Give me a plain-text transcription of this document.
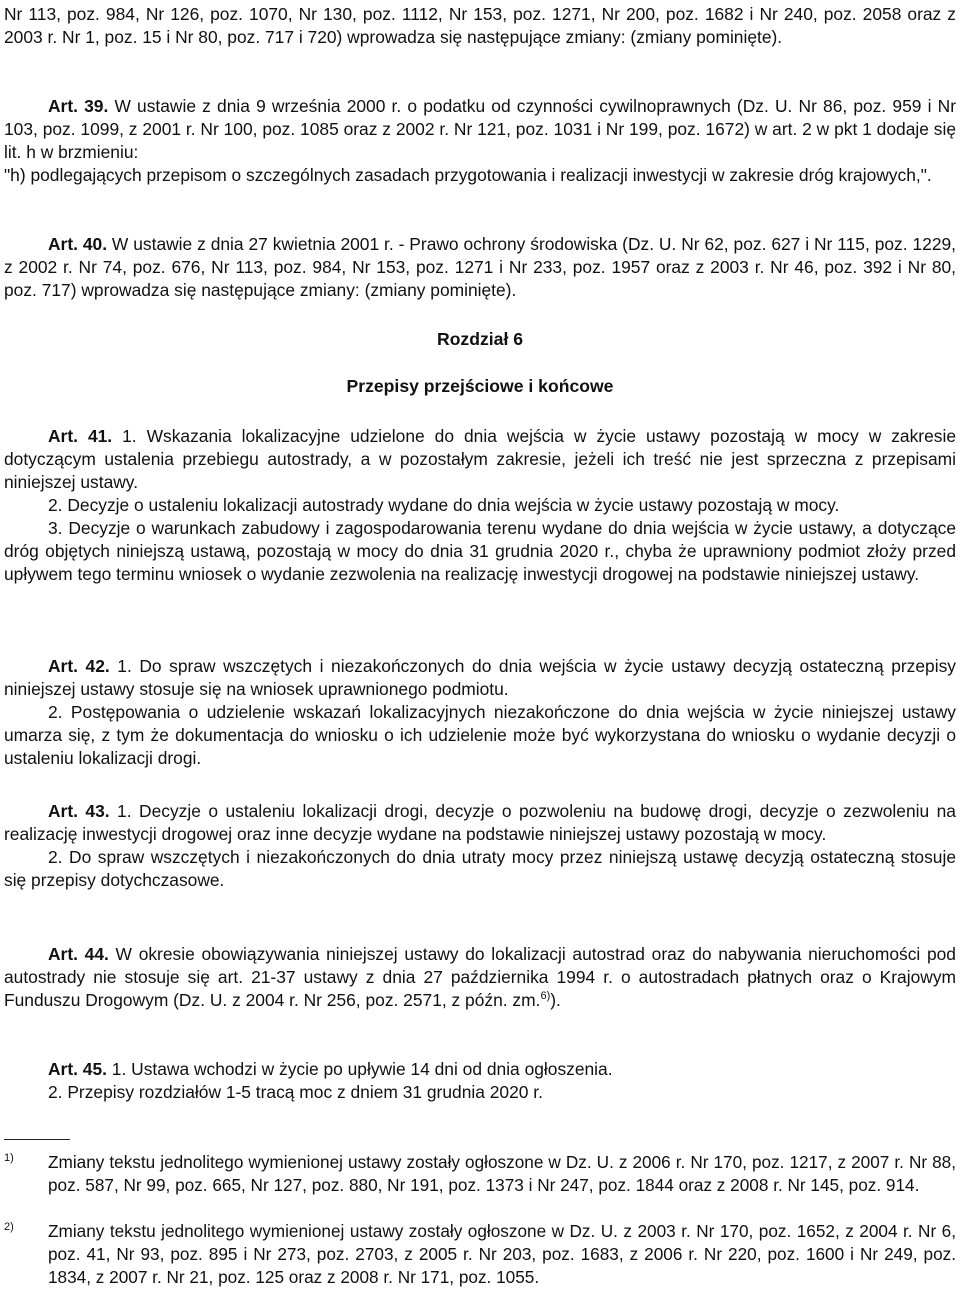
Nr 113, poz. 984, Nr 126, poz. 1070, Nr 130, poz. 1112, Nr 153, poz. 1271, Nr 200, poz. 1682 i Nr 240, poz. 2058 oraz z 2003 r. Nr 1, poz. 15 i Nr 80, poz. 717 i 720) wprowadza się następujące zmiany: (zmiany pominięte).

Art. 39. W ustawie z dnia 9 września 2000 r. o podatku od czynności cywilnoprawnych (Dz. U. Nr 86, poz. 959 i Nr 103, poz. 1099, z 2001 r. Nr 100, poz. 1085 oraz z 2002 r. Nr 121, poz. 1031 i Nr 199, poz. 1672) w art. 2 w pkt 1 dodaje się lit. h w brzmieniu:

"h) podlegających przepisom o szczególnych zasadach przygotowania i realizacji inwestycji w zakresie dróg krajowych,".

Art. 40. W ustawie z dnia 27 kwietnia 2001 r. - Prawo ochrony środowiska (Dz. U. Nr 62, poz. 627 i Nr 115, poz. 1229, z 2002 r. Nr 74, poz. 676, Nr 113, poz. 984, Nr 153, poz. 1271 i Nr 233, poz. 1957 oraz z 2003 r. Nr 46, poz. 392 i Nr 80, poz. 717) wprowadza się następujące zmiany: (zmiany pominięte).

Rozdział 6
Przepisy przejściowe i końcowe

Art. 41. 1. Wskazania lokalizacyjne udzielone do dnia wejścia w życie ustawy pozostają w mocy w zakresie dotyczącym ustalenia przebiegu autostrady, a w pozostałym zakresie, jeżeli ich treść nie jest sprzeczna z przepisami niniejszej ustawy.

2. Decyzje o ustaleniu lokalizacji autostrady wydane do dnia wejścia w życie ustawy pozostają w mocy.

3. Decyzje o warunkach zabudowy i zagospodarowania terenu wydane do dnia wejścia w życie ustawy, a dotyczące dróg objętych niniejszą ustawą, pozostają w mocy do dnia 31 grudnia 2020 r., chyba że uprawniony podmiot złoży przed upływem tego terminu wniosek o wydanie zezwolenia na realizację inwestycji drogowej na podstawie niniejszej ustawy.

Art. 42. 1. Do spraw wszczętych i niezakończonych do dnia wejścia w życie ustawy decyzją ostateczną przepisy niniejszej ustawy stosuje się na wniosek uprawnionego podmiotu.

2. Postępowania o udzielenie wskazań lokalizacyjnych niezakończone do dnia wejścia w życie niniejszej ustawy umarza się, z tym że dokumentacja do wniosku o ich udzielenie może być wykorzystana do wniosku o wydanie decyzji o ustaleniu lokalizacji drogi.

Art. 43. 1. Decyzje o ustaleniu lokalizacji drogi, decyzje o pozwoleniu na budowę drogi, decyzje o zezwoleniu na realizację inwestycji drogowej oraz inne decyzje wydane na podstawie niniejszej ustawy pozostają w mocy.

2. Do spraw wszczętych i niezakończonych do dnia utraty mocy przez niniejszą ustawę decyzją ostateczną stosuje się przepisy dotychczasowe.

Art. 44. W okresie obowiązywania niniejszej ustawy do lokalizacji autostrad oraz do nabywania nieruchomości pod autostrady nie stosuje się art. 21-37 ustawy z dnia 27 października 1994 r. o autostradach płatnych oraz o Krajowym Funduszu Drogowym (Dz. U. z 2004 r. Nr 256, poz. 2571, z późn. zm.$^{6)}$).

Art. 45. 1. Ustawa wchodzi w życie po upływie 14 dni od dnia ogłoszenia.

2. Przepisy rozdziałów 1-5 tracą moc z dniem 31 grudnia 2020 r.

1)	Zmiany tekstu jednolitego wymienionej ustawy zostały ogłoszone w Dz. U. z 2006 r. Nr 170, poz. 1217, z 2007 r. Nr 88, poz. 587, Nr 99, poz. 665, Nr 127, poz. 880, Nr 191, poz. 1373 i Nr 247, poz. 1844 oraz z 2008 r. Nr 145, poz. 914.

2)	Zmiany tekstu jednolitego wymienionej ustawy zostały ogłoszone w Dz. U. z 2003 r. Nr 170, poz. 1652, z 2004 r. Nr 6, poz. 41, Nr 93, poz. 895 i Nr 273, poz. 2703, z 2005 r. Nr 203, poz. 1683, z 2006 r. Nr 220, poz. 1600 i Nr 249, poz. 1834, z 2007 r. Nr 21, poz. 125 oraz z 2008 r. Nr 171, poz. 1055.
